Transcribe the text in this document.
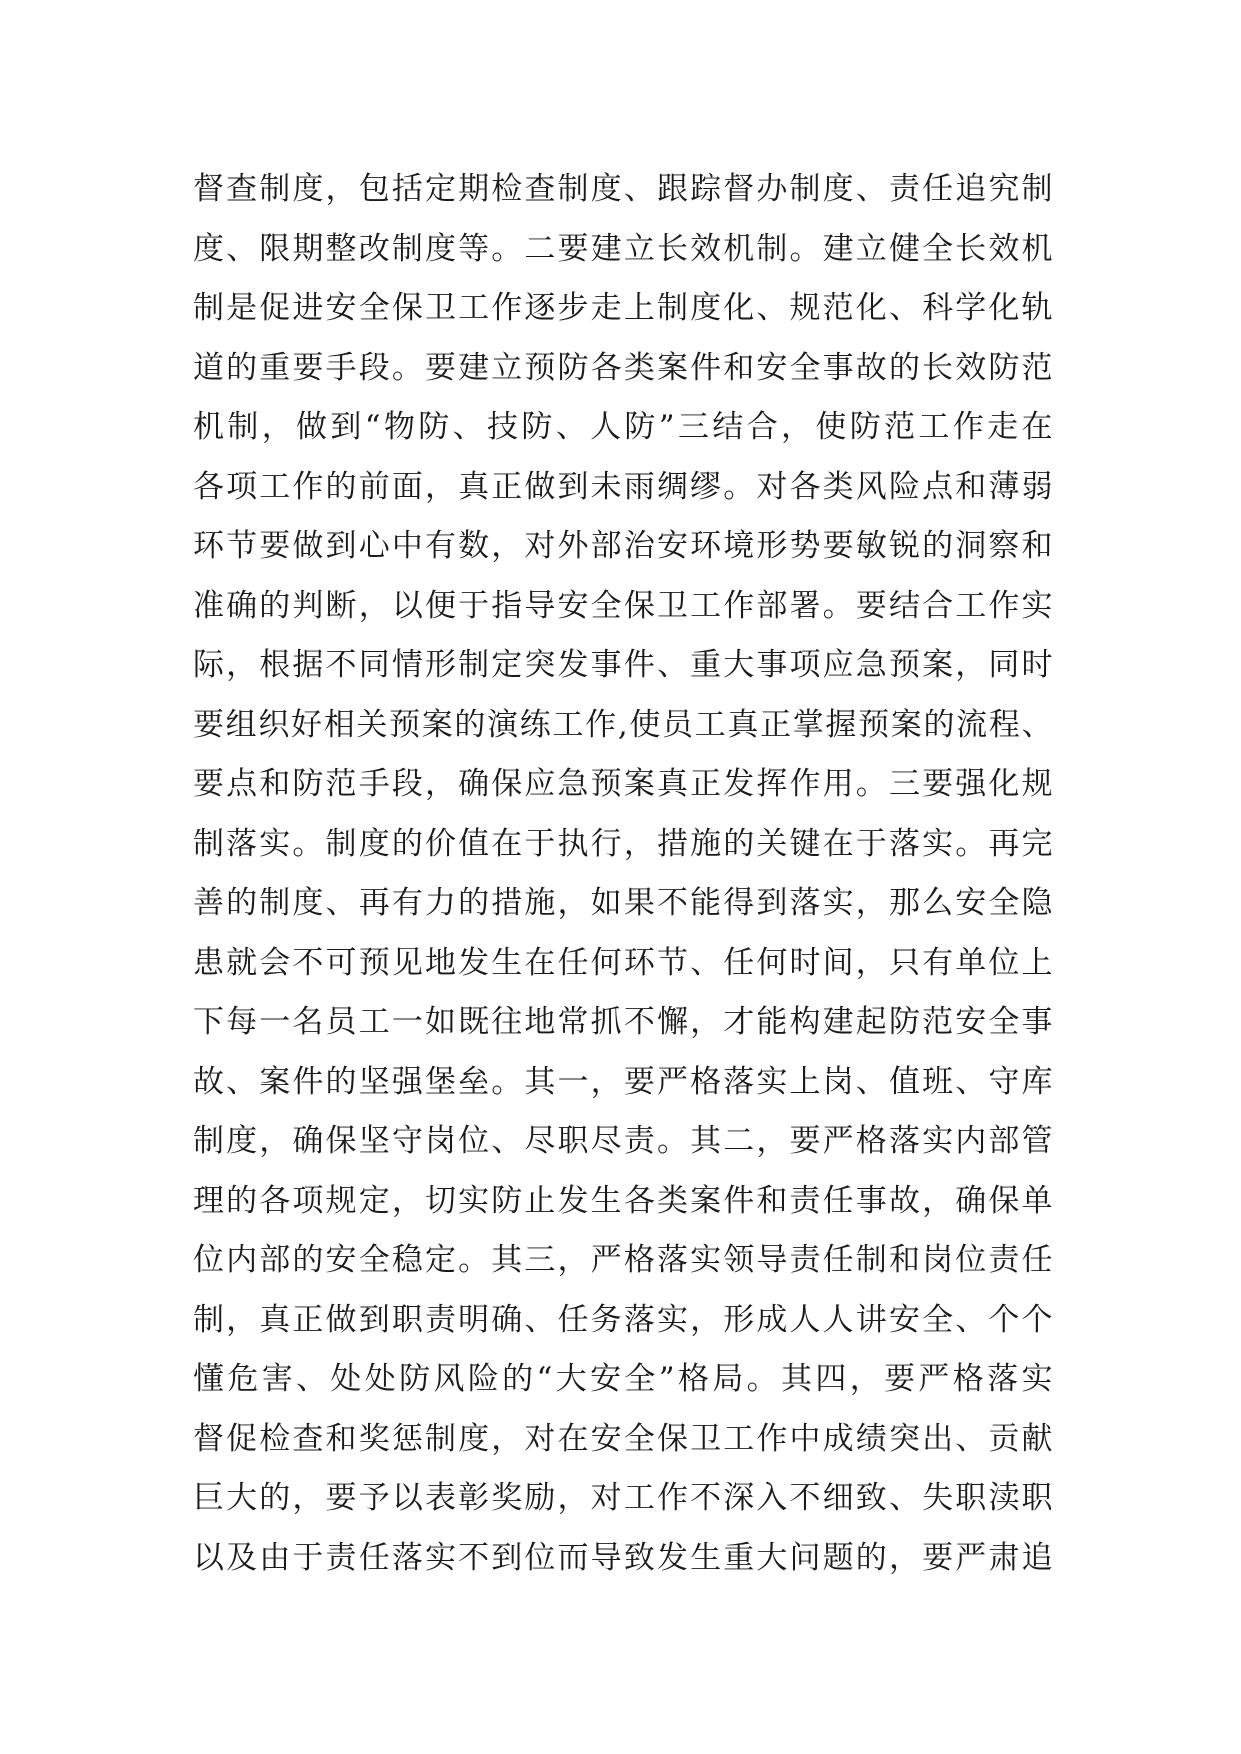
督查制度，包括定期检查制度、跟踪督办制度、责任追究制
度、限期整改制度等。二要建立长效机制。建立健全长效机
制是促进安全保卫工作逐步走上制度化、规范化、科学化轨
道的重要手段。要建立预防各类案件和安全事故的长效防范
机制，做到“物防、技防、人防”三结合，使防范工作走在
各项工作的前面，真正做到未雨绸缪。对各类风险点和薄弱
环节要做到心中有数，对外部治安环境形势要敏锐的洞察和
准确的判断，以便于指导安全保卫工作部署。要结合工作实
际，根据不同情形制定突发事件、重大事项应急预案，同时
要组织好相关预案的演练工作,使员工真正掌握预案的流程、
要点和防范手段，确保应急预案真正发挥作用。三要强化规
制落实。制度的价值在于执行，措施的关键在于落实。再完
善的制度、再有力的措施，如果不能得到落实，那么安全隐
患就会不可预见地发生在任何环节、任何时间，只有单位上
下每一名员工一如既往地常抓不懈，才能构建起防范安全事
故、案件的坚强堡垒。其一，要严格落实上岗、值班、守库
制度，确保坚守岗位、尽职尽责。其二，要严格落实内部管
理的各项规定，切实防止发生各类案件和责任事故，确保单
位内部的安全稳定。其三，严格落实领导责任制和岗位责任
制，真正做到职责明确、任务落实，形成人人讲安全、个个
懂危害、处处防风险的“大安全”格局。其四，要严格落实
督促检查和奖惩制度，对在安全保卫工作中成绩突出、贡献
巨大的，要予以表彰奖励，对工作不深入不细致、失职渎职
以及由于责任落实不到位而导致发生重大问题的，要严肃追
